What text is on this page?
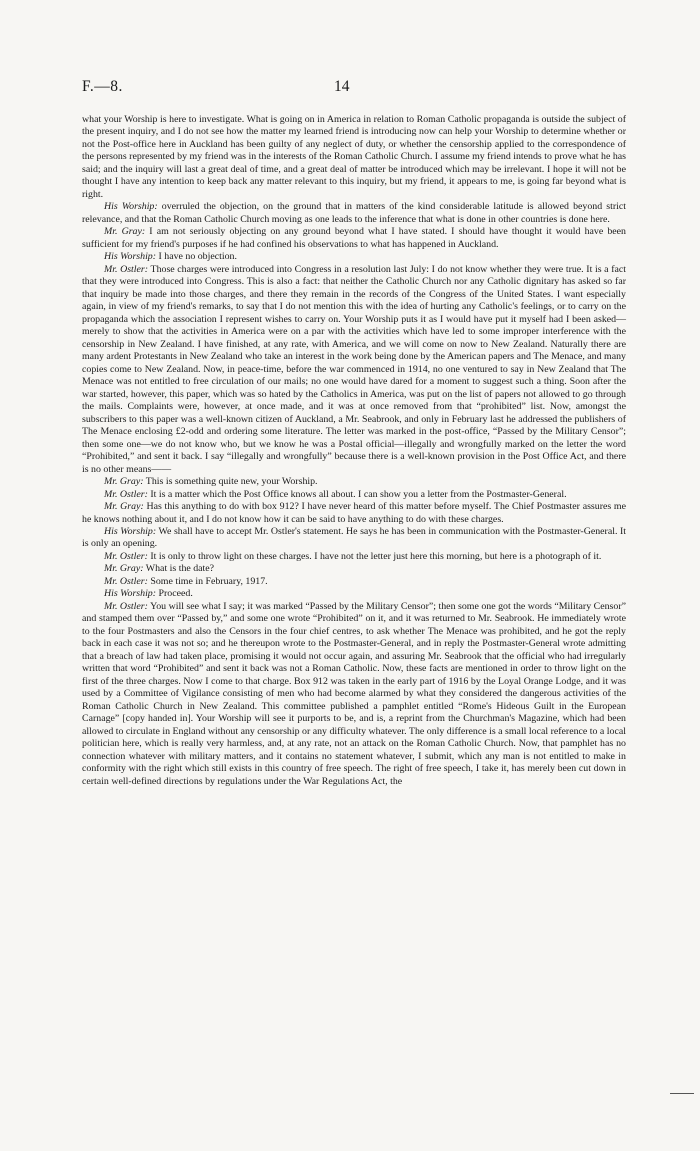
F.—8.	14

what your Worship is here to investigate. What is going on in America in relation to Roman Catholic propaganda is outside the subject of the present inquiry, and I do not see how the matter my learned friend is introducing now can help your Worship to determine whether or not the Post-office here in Auckland has been guilty of any neglect of duty, or whether the censorship applied to the correspondence of the persons represented by my friend was in the interests of the Roman Catholic Church. I assume my friend intends to prove what he has said; and the inquiry will last a great deal of time, and a great deal of matter be introduced which may be irrelevant. I hope it will not be thought I have any intention to keep back any matter relevant to this inquiry, but my friend, it appears to me, is going far beyond what is right.

His Worship: overruled the objection, on the ground that in matters of the kind considerable latitude is allowed beyond strict relevance, and that the Roman Catholic Church moving as one leads to the inference that what is done in other countries is done here.

Mr. Gray: I am not seriously objecting on any ground beyond what I have stated. I should have thought it would have been sufficient for my friend's purposes if he had confined his observations to what has happened in Auckland.

His Worship: I have no objection.

Mr. Ostler: Those charges were introduced into Congress in a resolution last July: I do not know whether they were true. It is a fact that they were introduced into Congress. This is also a fact: that neither the Catholic Church nor any Catholic dignitary has asked so far that inquiry be made into those charges, and there they remain in the records of the Congress of the United States. I want especially again, in view of my friend's remarks, to say that I do not mention this with the idea of hurting any Catholic's feelings, or to carry on the propaganda which the association I represent wishes to carry on. Your Worship puts it as I would have put it myself had I been asked—merely to show that the activities in America were on a par with the activities which have led to some improper interference with the censorship in New Zealand. I have finished, at any rate, with America, and we will come on now to New Zealand. Naturally there are many ardent Protestants in New Zealand who take an interest in the work being done by the American papers and The Menace, and many copies come to New Zealand. Now, in peace-time, before the war commenced in 1914, no one ventured to say in New Zealand that The Menace was not entitled to free circulation of our mails; no one would have dared for a moment to suggest such a thing. Soon after the war started, however, this paper, which was so hated by the Catholics in America, was put on the list of papers not allowed to go through the mails. Complaints were, however, at once made, and it was at once removed from that “prohibited” list. Now, amongst the subscribers to this paper was a well-known citizen of Auckland, a Mr. Seabrook, and only in February last he addressed the publishers of The Menace enclosing £2-odd and ordering some literature. The letter was marked in the post-office, “Passed by the Military Censor”; then some one—we do not know who, but we know he was a Postal official—illegally and wrongfully marked on the letter the word “Prohibited,” and sent it back. I say “illegally and wrongfully” because there is a well-known provision in the Post Office Act, and there is no other means——

Mr. Gray: This is something quite new, your Worship.

Mr. Ostler: It is a matter which the Post Office knows all about. I can show you a letter from the Postmaster-General.

Mr. Gray: Has this anything to do with box 912? I have never heard of this matter before myself. The Chief Postmaster assures me he knows nothing about it, and I do not know how it can be said to have anything to do with these charges.

His Worship: We shall have to accept Mr. Ostler's statement. He says he has been in communication with the Postmaster-General. It is only an opening.

Mr. Ostler: It is only to throw light on these charges. I have not the letter just here this morning, but here is a photograph of it.

Mr. Gray: What is the date?

Mr. Ostler: Some time in February, 1917.

His Worship: Proceed.

Mr. Ostler: You will see what I say; it was marked “Passed by the Military Censor”; then some one got the words “Military Censor” and stamped them over “Passed by,” and some one wrote “Prohibited” on it, and it was returned to Mr. Seabrook. He immediately wrote to the four Postmasters and also the Censors in the four chief centres, to ask whether The Menace was prohibited, and he got the reply back in each case it was not so; and he thereupon wrote to the Postmaster-General, and in reply the Postmaster-General wrote admitting that a breach of law had taken place, promising it would not occur again, and assuring Mr. Seabrook that the official who had irregularly written that word “Prohibited” and sent it back was not a Roman Catholic. Now, these facts are mentioned in order to throw light on the first of the three charges. Now I come to that charge. Box 912 was taken in the early part of 1916 by the Loyal Orange Lodge, and it was used by a Committee of Vigilance consisting of men who had become alarmed by what they considered the dangerous activities of the Roman Catholic Church in New Zealand. This committee published a pamphlet entitled “Rome's Hideous Guilt in the European Carnage” [copy handed in]. Your Worship will see it purports to be, and is, a reprint from the Churchman's Magazine, which had been allowed to circulate in England without any censorship or any difficulty whatever. The only difference is a small local reference to a local politician here, which is really very harmless, and, at any rate, not an attack on the Roman Catholic Church. Now, that pamphlet has no connection whatever with military matters, and it contains no statement whatever, I submit, which any man is not entitled to make in conformity with the right which still exists in this country of free speech. The right of free speech, I take it, has merely been cut down in certain well-defined directions by regulations under the War Regulations Act, the
